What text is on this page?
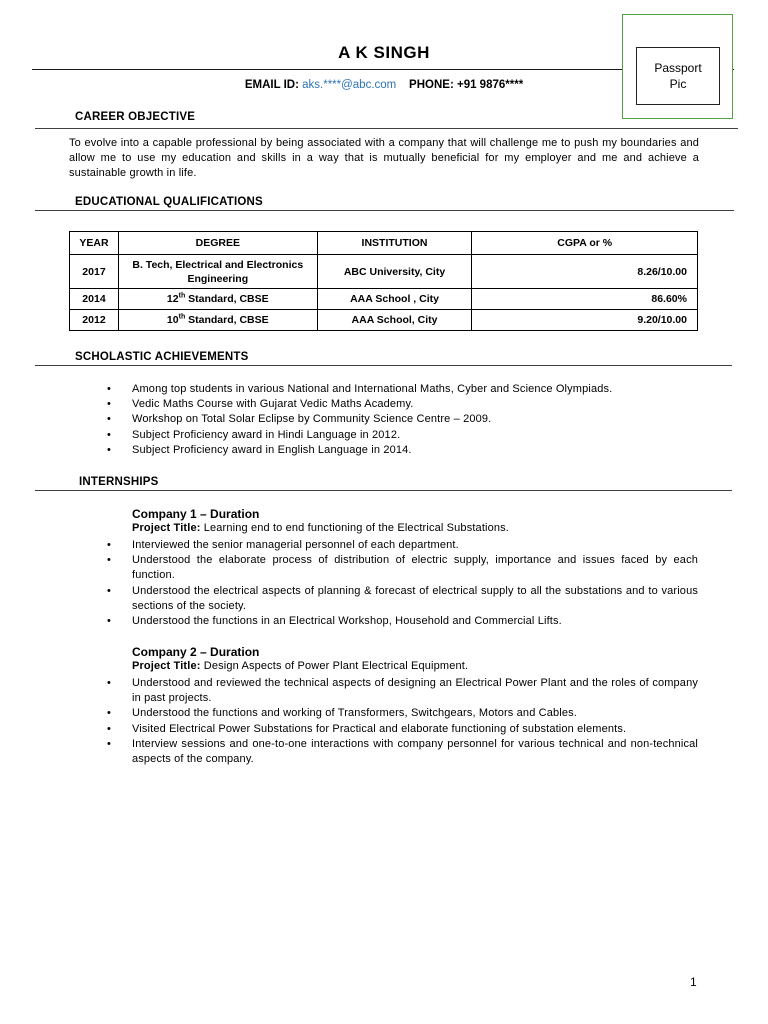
A K SINGH
Passport Pic
EMAIL ID: aks.****@abc.com PHONE: +91 9876****
CAREER OBJECTIVE
To evolve into a capable professional by being associated with a company that will challenge me to push my boundaries and allow me to use my education and skills in a way that is mutually beneficial for my employer and me and achieve a sustainable growth in life.
EDUCATIONAL QUALIFICATIONS
YEAR	DEGREE	INSTITUTION	CGPA or %
2017	B. Tech, Electrical and Electronics Engineering	ABC University, City	8.26/10.00
2014	12th Standard, CBSE	AAA School , City	86.60%
2012	10th Standard, CBSE	AAA School, City	9.20/10.00
SCHOLASTIC ACHIEVEMENTS
• Among top students in various National and International Maths, Cyber and Science Olympiads.
• Vedic Maths Course with Gujarat Vedic Maths Academy.
• Workshop on Total Solar Eclipse by Community Science Centre – 2009.
• Subject Proficiency award in Hindi Language in 2012.
• Subject Proficiency award in English Language in 2014.
INTERNSHIPS
Company 1 – Duration
Project Title: Learning end to end functioning of the Electrical Substations.
• Interviewed the senior managerial personnel of each department.
• Understood the elaborate process of distribution of electric supply, importance and issues faced by each function.
• Understood the electrical aspects of planning & forecast of electrical supply to all the substations and to various sections of the society.
• Understood the functions in an Electrical Workshop, Household and Commercial Lifts.
Company 2 – Duration
Project Title: Design Aspects of Power Plant Electrical Equipment.
• Understood and reviewed the technical aspects of designing an Electrical Power Plant and the roles of company in past projects.
• Understood the functions and working of Transformers, Switchgears, Motors and Cables.
• Visited Electrical Power Substations for Practical and elaborate functioning of substation elements.
• Interview sessions and one-to-one interactions with company personnel for various technical and non-technical aspects of the company.
1
